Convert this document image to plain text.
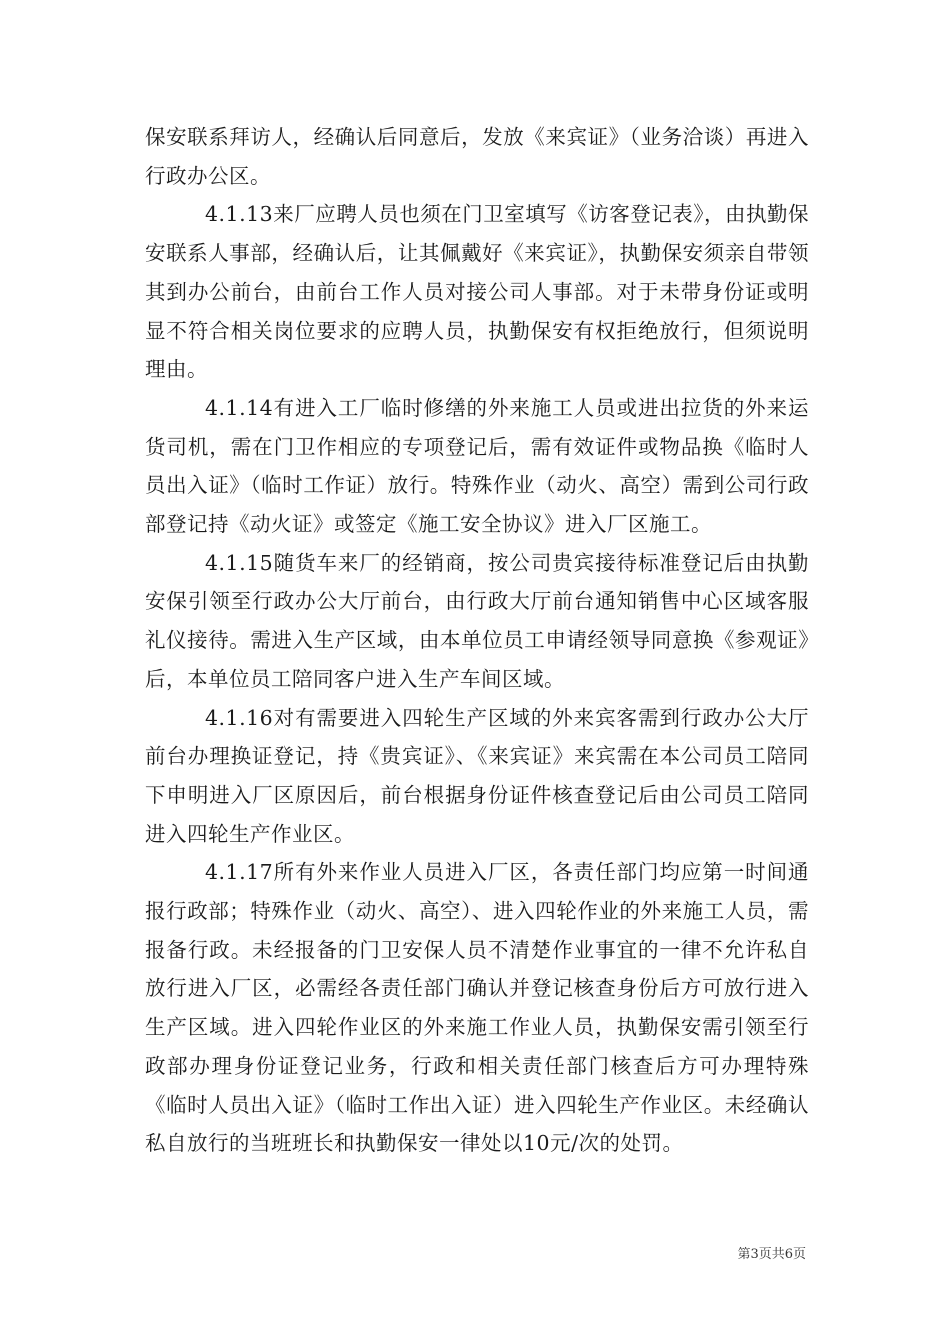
保安联系拜访人，经确认后同意后，发放《来宾证》（业务洽谈）再进入行政办公区。

4.1.13来厂应聘人员也须在门卫室填写《访客登记表》，由执勤保安联系人事部，经确认后，让其佩戴好《来宾证》，执勤保安须亲自带领其到办公前台，由前台工作人员对接公司人事部。对于未带身份证或明显不符合相关岗位要求的应聘人员，执勤保安有权拒绝放行，但须说明理由。

4.1.14有进入工厂临时修缮的外来施工人员或进出拉货的外来运货司机，需在门卫作相应的专项登记后，需有效证件或物品换《临时人员出入证》（临时工作证）放行。特殊作业（动火、高空）需到公司行政部登记持《动火证》或签定《施工安全协议》进入厂区施工。

4.1.15随货车来厂的经销商，按公司贵宾接待标准登记后由执勤安保引领至行政办公大厅前台，由行政大厅前台通知销售中心区域客服礼仪接待。需进入生产区域，由本单位员工申请经领导同意换《参观证》后，本单位员工陪同客户进入生产车间区域。

4.1.16对有需要进入四轮生产区域的外来宾客需到行政办公大厅前台办理换证登记，持《贵宾证》、《来宾证》来宾需在本公司员工陪同下申明进入厂区原因后，前台根据身份证件核查登记后由公司员工陪同进入四轮生产作业区。

4.1.17所有外来作业人员进入厂区，各责任部门均应第一时间通报行政部；特殊作业（动火、高空）、进入四轮作业的外来施工人员，需报备行政。未经报备的门卫安保人员不清楚作业事宜的一律不允许私自放行进入厂区，必需经各责任部门确认并登记核查身份后方可放行进入生产区域。进入四轮作业区的外来施工作业人员，执勤保安需引领至行政部办理身份证登记业务，行政和相关责任部门核查后方可办理特殊《临时人员出入证》（临时工作出入证）进入四轮生产作业区。未经确认私自放行的当班班长和执勤保安一律处以10元/次的处罚。

第3页共6页
